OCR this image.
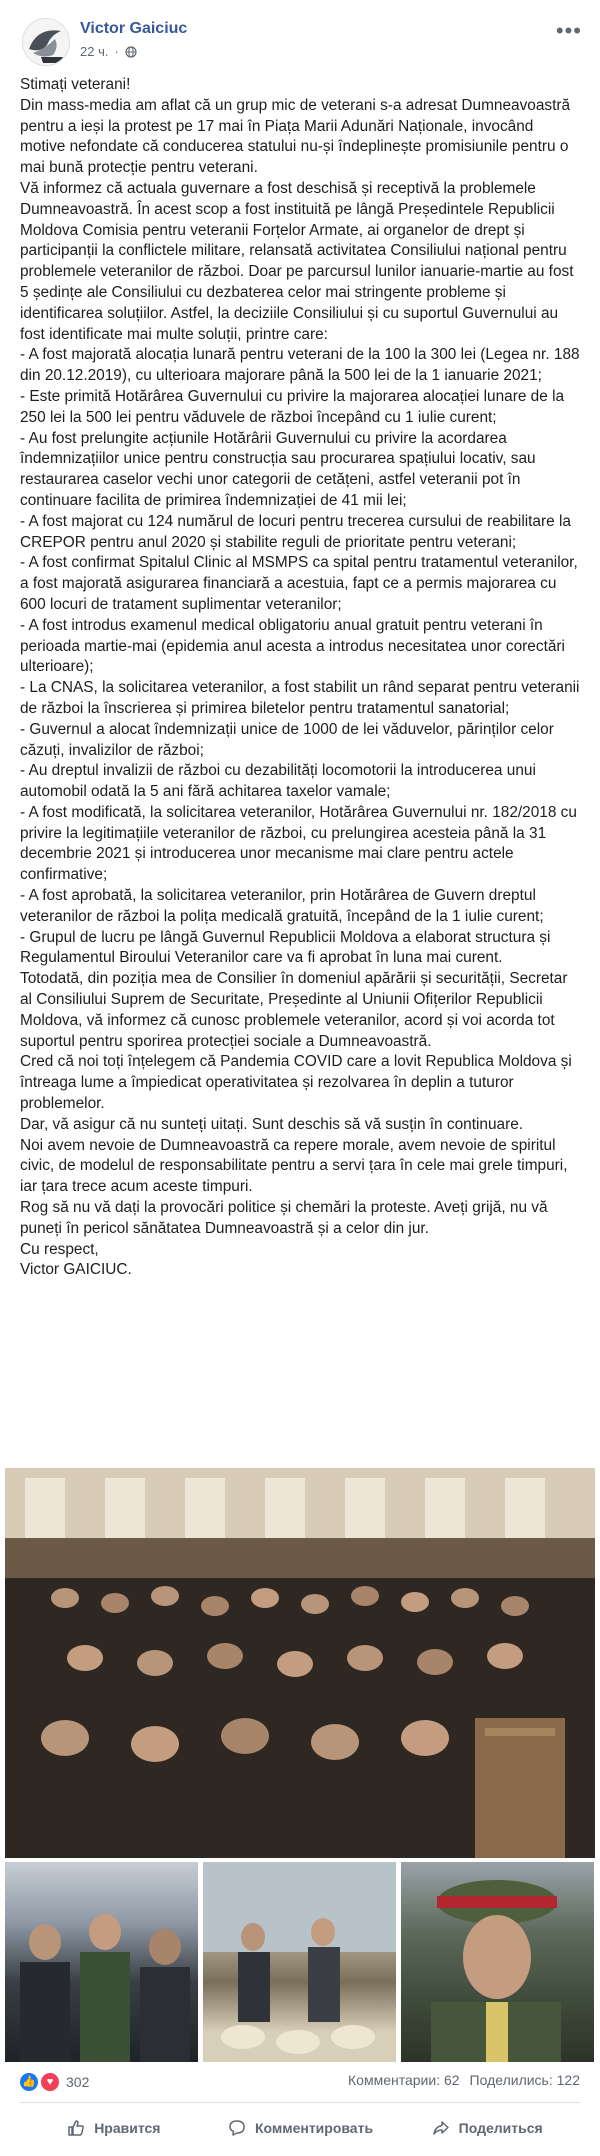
Victor Gaiciuc
22 ч. ·
•••

Stimați veterani!

Din mass-media am aflat că un grup mic de veterani s-a adresat Dumneavoastră pentru a ieși la protest pe 17 mai în Piața Marii Adunări Naționale, invocând motive nefondate că conducerea statului nu-și îndeplinește promisiunile pentru o mai bună protecție pentru veterani.

Vă informez că actuala guvernare a fost deschisă și receptivă la problemele Dumneavoastră. În acest scop a fost instituită pe lângă Președintele Republicii Moldova Comisia pentru veteranii Forțelor Armate, ai organelor de drept și participanții la conflictele militare, relansată activitatea Consiliului național pentru problemele veteranilor de război. Doar pe parcursul lunilor ianuarie-martie au fost 5 ședințe ale Consiliului cu dezbaterea celor mai stringente probleme și identificarea soluțiilor. Astfel, la deciziile Consiliului și cu suportul Guvernului au fost identificate mai multe soluții, printre care:

- A fost majorată alocația lunară pentru veterani de la 100 la 300 lei (Legea nr. 188 din 20.12.2019), cu ulterioara majorare până la 500 lei de la 1 ianuarie 2021;

- Este primită Hotărârea Guvernului cu privire la majorarea alocației lunare de la 250 lei la 500 lei pentru văduvele de război începând cu 1 iulie curent;

- Au fost prelungite acțiunile Hotărârii Guvernului cu privire la acordarea îndemnizațiilor unice pentru construcția sau procurarea spațiului locativ, sau restaurarea caselor vechi unor categorii de cetățeni, astfel veteranii pot în continuare facilita de primirea îndemnizației de 41 mii lei;

- A fost majorat cu 124 numărul de locuri pentru trecerea cursului de reabilitare la CREPOR pentru anul 2020 și stabilite reguli de prioritate pentru veterani;

- A fost confirmat Spitalul Clinic al MSMPS ca spital pentru tratamentul veteranilor, a fost majorată asigurarea financiară a acestuia, fapt ce a permis majorarea cu 600 locuri de tratament suplimentar veteranilor;

- A fost introdus examenul medical obligatoriu anual gratuit pentru veterani în perioada martie-mai (epidemia anul acesta a introdus necesitatea unor corectări ulterioare);

- La CNAS, la solicitarea veteranilor, a fost stabilit un rând separat pentru veteranii de război la înscrierea și primirea biletelor pentru tratamentul sanatorial;

- Guvernul a alocat îndemnizații unice de 1000 de lei văduvelor, părinților celor căzuți, invalizilor de război;

- Au dreptul invalizii de război cu dezabilități locomotorii la introducerea unui automobil odată la 5 ani fără achitarea taxelor vamale;

- A fost modificată, la solicitarea veteranilor, Hotărârea Guvernului nr. 182/2018 cu privire la legitimațiile veteranilor de război, cu prelungirea acesteia până la 31 decembrie 2021 și introducerea unor mecanisme mai clare pentru actele confirmative;

- A fost aprobată, la solicitarea veteranilor, prin Hotărârea de Guvern dreptul veteranilor de război la polița medicală gratuită, începând de la 1 iulie curent;

- Grupul de lucru pe lângă Guvernul Republicii Moldova a elaborat structura și Regulamentul Biroului Veteranilor care va fi aprobat în luna mai curent.

Totodată, din poziția mea de Consilier în domeniul apărării și securității, Secretar al Consiliului Suprem de Securitate, Președinte al Uniunii Ofițerilor Republicii Moldova, vă informez că cunosc problemele veteranilor, acord și voi acorda tot suportul pentru sporirea protecției sociale a Dumneavoastră.

Cred că noi toți înțelegem că Pandemia COVID care a lovit Republica Moldova și întreaga lume a împiedicat operativitatea și rezolvarea în deplin a tuturor problemelor.

Dar, vă asigur că nu sunteți uitați. Sunt deschis să vă susțin în continuare.

Noi avem nevoie de Dumneavoastră ca repere morale, avem nevoie de spiritul civic, de modelul de responsabilitate pentru a servi țara în cele mai grele timpuri, iar țara trece acum aceste timpuri.

Rog să nu vă dați la provocări politice și chemări la proteste. Aveți grijă, nu vă puneți în pericol sănătatea Dumneavoastră și a celor din jur.

Cu respect,

Victor GAICIUC.

👍 ♥ 302	Комментарии: 62 Поделились: 122
Нравится	Комментировать	Поделиться
